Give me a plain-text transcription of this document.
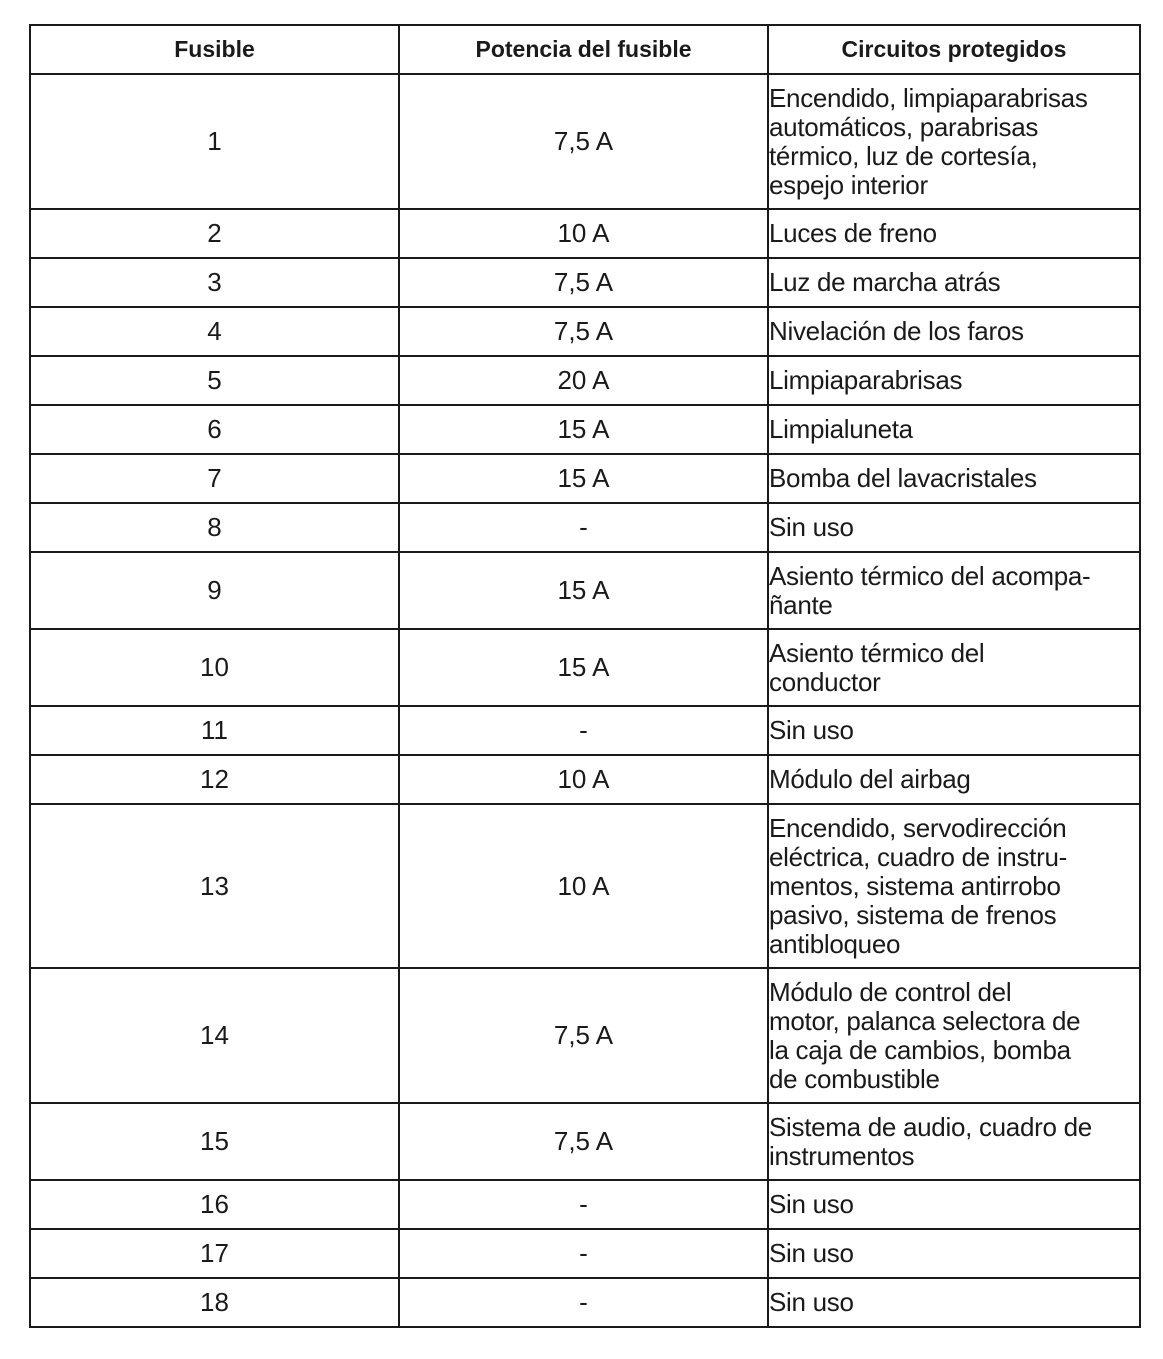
Fusible	Potencia del fusible	Circuitos protegidos
1	7,5 A	Encendido, limpiaparabrisas
automáticos, parabrisas
térmico, luz de cortesía,
espejo interior
2	10 A	Luces de freno
3	7,5 A	Luz de marcha atrás
4	7,5 A	Nivelación de los faros
5	20 A	Limpiaparabrisas
6	15 A	Limpialuneta
7	15 A	Bomba del lavacristales
8	-	Sin uso
9	15 A	Asiento térmico del acompa-
ñante
10	15 A	Asiento térmico del
conductor
11	-	Sin uso
12	10 A	Módulo del airbag
13	10 A	Encendido, servodirección
eléctrica, cuadro de instru-
mentos, sistema antirrobo
pasivo, sistema de frenos
antibloqueo
14	7,5 A	Módulo de control del
motor, palanca selectora de
la caja de cambios, bomba
de combustible
15	7,5 A	Sistema de audio, cuadro de
instrumentos
16	-	Sin uso
17	-	Sin uso
18	-	Sin uso
